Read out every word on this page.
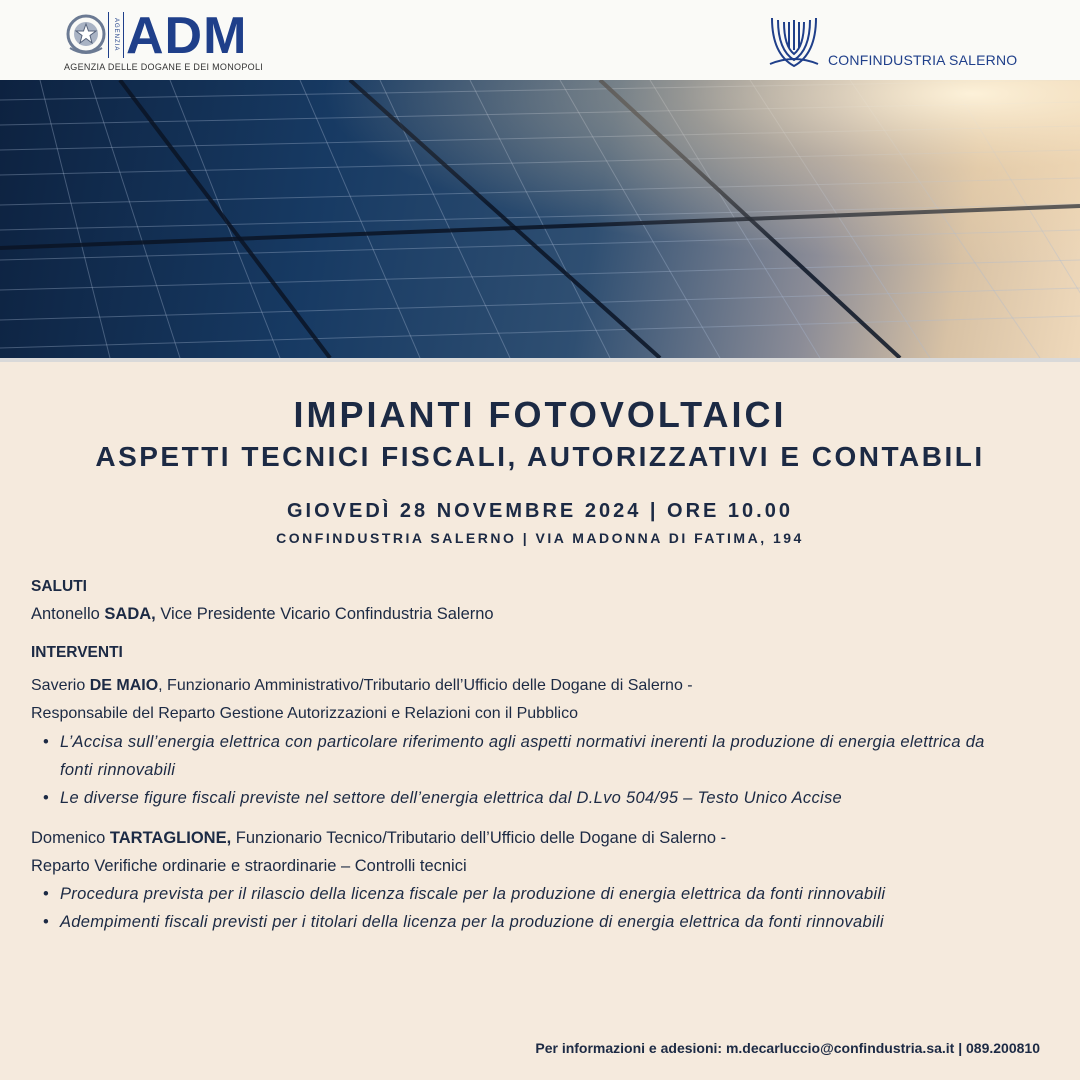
AGENZIA ADM
AGENZIA DELLE DOGANE E DEI MONOPOLI	CONFINDUSTRIA SALERNO
IMPIANTI FOTOVOLTAICI
ASPETTI TECNICI FISCALI, AUTORIZZATIVI E CONTABILI
GIOVEDÌ 28 NOVEMBRE 2024 | ORE 10.00
CONFINDUSTRIA SALERNO | VIA MADONNA DI FATIMA, 194
SALUTI
Antonello SADA, Vice Presidente Vicario Confindustria Salerno
INTERVENTI
Saverio DE MAIO, Funzionario Amministrativo/Tributario dell’Ufficio delle Dogane di Salerno -
Responsabile del Reparto Gestione Autorizzazioni e Relazioni con il Pubblico
• L’Accisa sull’energia elettrica con particolare riferimento agli aspetti normativi inerenti la produzione di energia elettrica da fonti rinnovabili
• Le diverse figure fiscali previste nel settore dell’energia elettrica dal D.Lvo 504/95 – Testo Unico Accise
Domenico TARTAGLIONE, Funzionario Tecnico/Tributario dell’Ufficio delle Dogane di Salerno -
Reparto Verifiche ordinarie e straordinarie – Controlli tecnici
• Procedura prevista per il rilascio della licenza fiscale per la produzione di energia elettrica da fonti rinnovabili
• Adempimenti fiscali previsti per i titolari della licenza per la produzione di energia elettrica da fonti rinnovabili
Per informazioni e adesioni: m.decarluccio@confindustria.sa.it | 089.200810
